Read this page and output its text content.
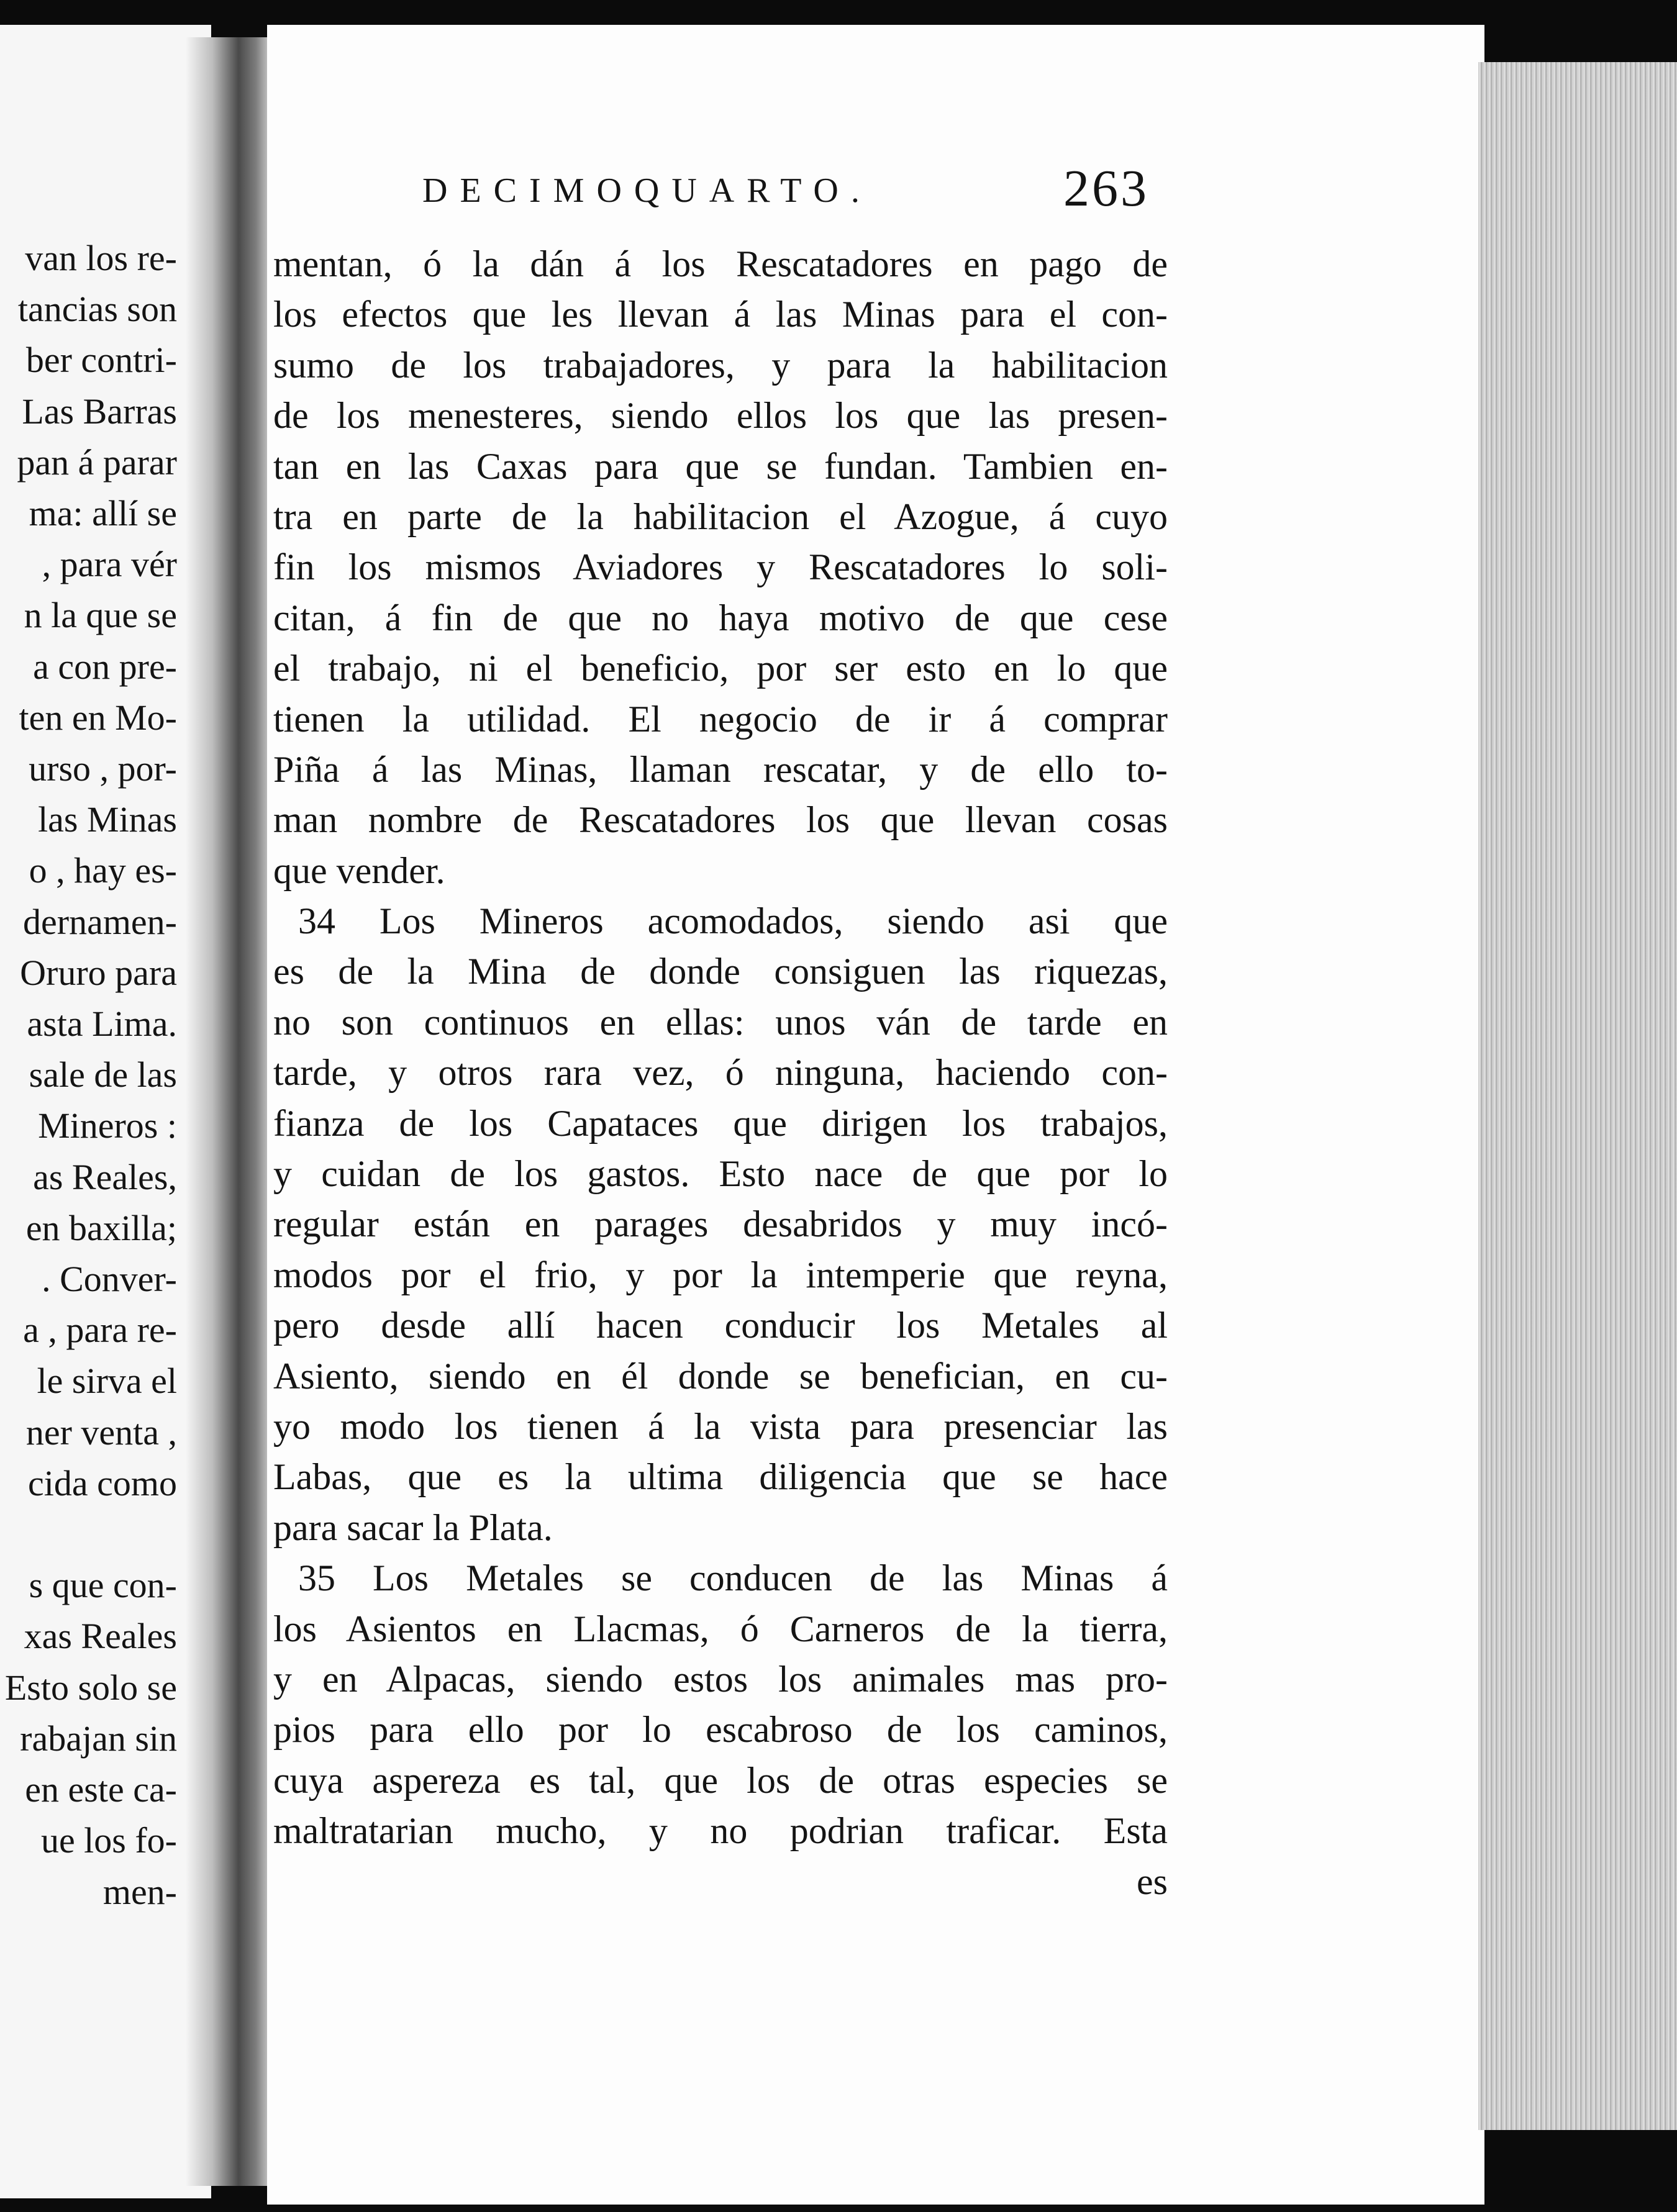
van los re-
tancias son
ber contri-
Las Barras
pan á parar
ma: allí se
, para vér
n la que se
a con pre-
ten en Mo-
urso , por-
las Minas
o , hay es-
dernamen-
Oruro para
asta Lima.
sale de las
Mineros :
as Reales,
en baxilla;
. Conver-
a , para re-
le sirva el
ner venta ,
cida como

s que con-
xas Reales
Esto solo se
rabajan sin
en este ca-
ue los fo-
men-
DECIMOQUARTO.	263
mentan, ó la dán á los Rescatadores en pago de
los efectos que les llevan á las Minas para el con-
sumo de los trabajadores, y para la habilitacion
de los menesteres, siendo ellos los que las presen-
tan en las Caxas para que se fundan. Tambien en-
tra en parte de la habilitacion el Azogue, á cuyo
fin los mismos Aviadores y Rescatadores lo soli-
citan, á fin de que no haya motivo de que cese
el trabajo, ni el beneficio, por ser esto en lo que
tienen la utilidad. El negocio de ir á comprar
Piña á las Minas, llaman rescatar, y de ello to-
man nombre de Rescatadores los que llevan cosas
que vender.
34 Los Mineros acomodados, siendo asi que
es de la Mina de donde consiguen las riquezas,
no son continuos en ellas: unos ván de tarde en
tarde, y otros rara vez, ó ninguna, haciendo con-
fianza de los Capataces que dirigen los trabajos,
y cuidan de los gastos. Esto nace de que por lo
regular están en parages desabridos y muy incó-
modos por el frio, y por la intemperie que reyna,
pero desde allí hacen conducir los Metales al
Asiento, siendo en él donde se benefician, en cu-
yo modo los tienen á la vista para presenciar las
Labas, que es la ultima diligencia que se hace
para sacar la Plata.
35 Los Metales se conducen de las Minas á
los Asientos en Llacmas, ó Carneros de la tierra,
y en Alpacas, siendo estos los animales mas pro-
pios para ello por lo escabroso de los caminos,
cuya aspereza es tal, que los de otras especies se
maltratarian mucho, y no podrian traficar. Esta
es
